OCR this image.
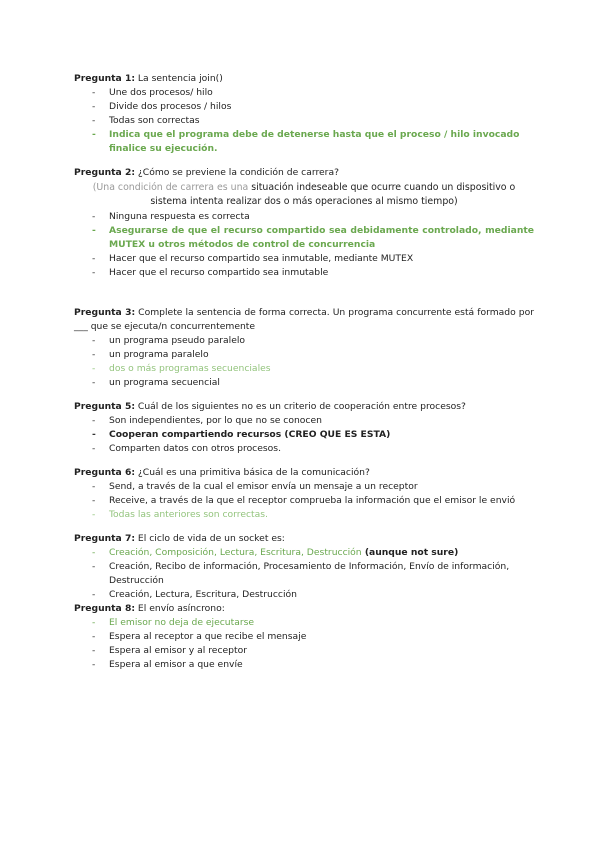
Pregunta 1: La sentencia join()

- Une dos procesos/ hilo
- Divide dos procesos / hilos
- Todas son correctas
- Indica que el programa debe de detenerse hasta que el proceso / hilo invocado finalice su ejecución.

Pregunta 2: ¿Cómo se previene la condición de carrera?

(Una condición de carrera es una situación indeseable que ocurre cuando un dispositivo o sistema intenta realizar dos o más operaciones al mismo tiempo)
- Ninguna respuesta es correcta
- Asegurarse de que el recurso compartido sea debidamente controlado, mediante MUTEX u otros métodos de control de concurrencia
- Hacer que el recurso compartido sea inmutable, mediante MUTEX
- Hacer que el recurso compartido sea inmutable

Pregunta 3: Complete la sentencia de forma correcta. Un programa concurrente está formado por ___ que se ejecuta/n concurrentemente

- un programa pseudo paralelo
- un programa paralelo
- dos o más programas secuenciales
- un programa secuencial

Pregunta 5: Cuál de los siguientes no es un criterio de cooperación entre procesos?

- Son independientes, por lo que no se conocen
- Cooperan compartiendo recursos (CREO QUE ES ESTA)
- Comparten datos con otros procesos.

Pregunta 6: ¿Cuál es una primitiva básica de la comunicación?

- Send, a través de la cual el emisor envía un mensaje a un receptor
- Receive, a través de la que el receptor comprueba la información que el emisor le envió
- Todas las anteriores son correctas.

Pregunta 7: El ciclo de vida de un socket es:

- Creación, Composición, Lectura, Escritura, Destrucción (aunque not sure)
- Creación, Recibo de información, Procesamiento de Información, Envío de información, Destrucción
- Creación, Lectura, Escritura, Destrucción

Pregunta 8: El envío asíncrono:

- El emisor no deja de ejecutarse
- Espera al receptor a que recibe el mensaje
- Espera al emisor y al receptor
- Espera al emisor a que envíe
